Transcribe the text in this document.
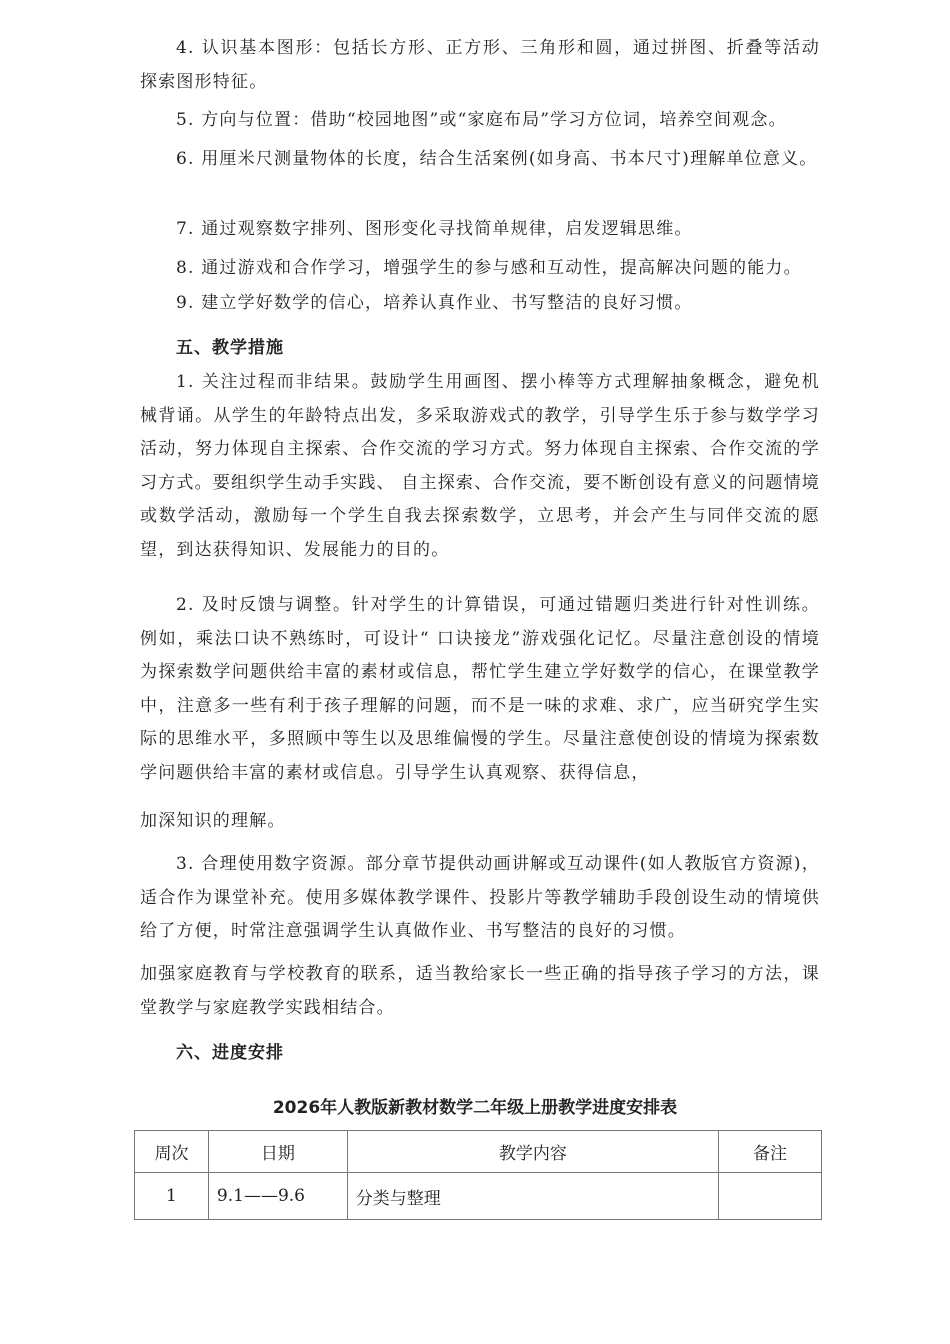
4. 认识基本图形：包括长方形、正方形、三角形和圆，通过拼图、折叠等活动探索图形特征。

5. 方向与位置：借助“校园地图”或“家庭布局”学习方位词，培养空间观念。

6. 用厘米尺测量物体的长度，结合生活案例(如身高、书本尺寸)理解单位意义。

7. 通过观察数字排列、图形变化寻找简单规律，启发逻辑思维。

8. 通过游戏和合作学习，增强学生的参与感和互动性，提高解决问题的能力。

9. 建立学好数学的信心，培养认真作业、书写整洁的良好习惯。

五、教学措施

1. 关注过程而非结果。鼓励学生用画图、摆小棒等方式理解抽象概念，避免机械背诵。从学生的年龄特点出发，多采取游戏式的教学，引导学生乐于参与数学学习活动，努力体现自主探索、合作交流的学习方式。努力体现自主探索、合作交流的学习方式。要组织学生动手实践、 自主探索、合作交流，要不断创设有意义的问题情境或数学活动，激励每一个学生自我去探索数学，立思考，并会产生与同伴交流的愿望，到达获得知识、发展能力的目的。

2. 及时反馈与调整。针对学生的计算错误，可通过错题归类进行针对性训练。例如，乘法口诀不熟练时，可设计“ 口诀接龙”游戏强化记忆。尽量注意创设的情境为探索数学问题供给丰富的素材或信息，帮忙学生建立学好数学的信心，在课堂教学中，注意多一些有利于孩子理解的问题，而不是一味的求难、求广，应当研究学生实际的思维水平，多照顾中等生以及思维偏慢的学生。尽量注意使创设的情境为探索数学问题供给丰富的素材或信息。引导学生认真观察、获得信息，

加深知识的理解。

3. 合理使用数字资源。部分章节提供动画讲解或互动课件(如人教版官方资源)，适合作为课堂补充。使用多媒体教学课件、投影片等教学辅助手段创设生动的情境供给了方便，时常注意强调学生认真做作业、书写整洁的良好的习惯。

加强家庭教育与学校教育的联系，适当教给家长一些正确的指导孩子学习的方法，课堂教学与家庭教学实践相结合。

六、进度安排

2026年人教版新教材数学二年级上册教学进度安排表

周次	日期	教学内容	备注
1	9.1——9.6	分类与整理	
